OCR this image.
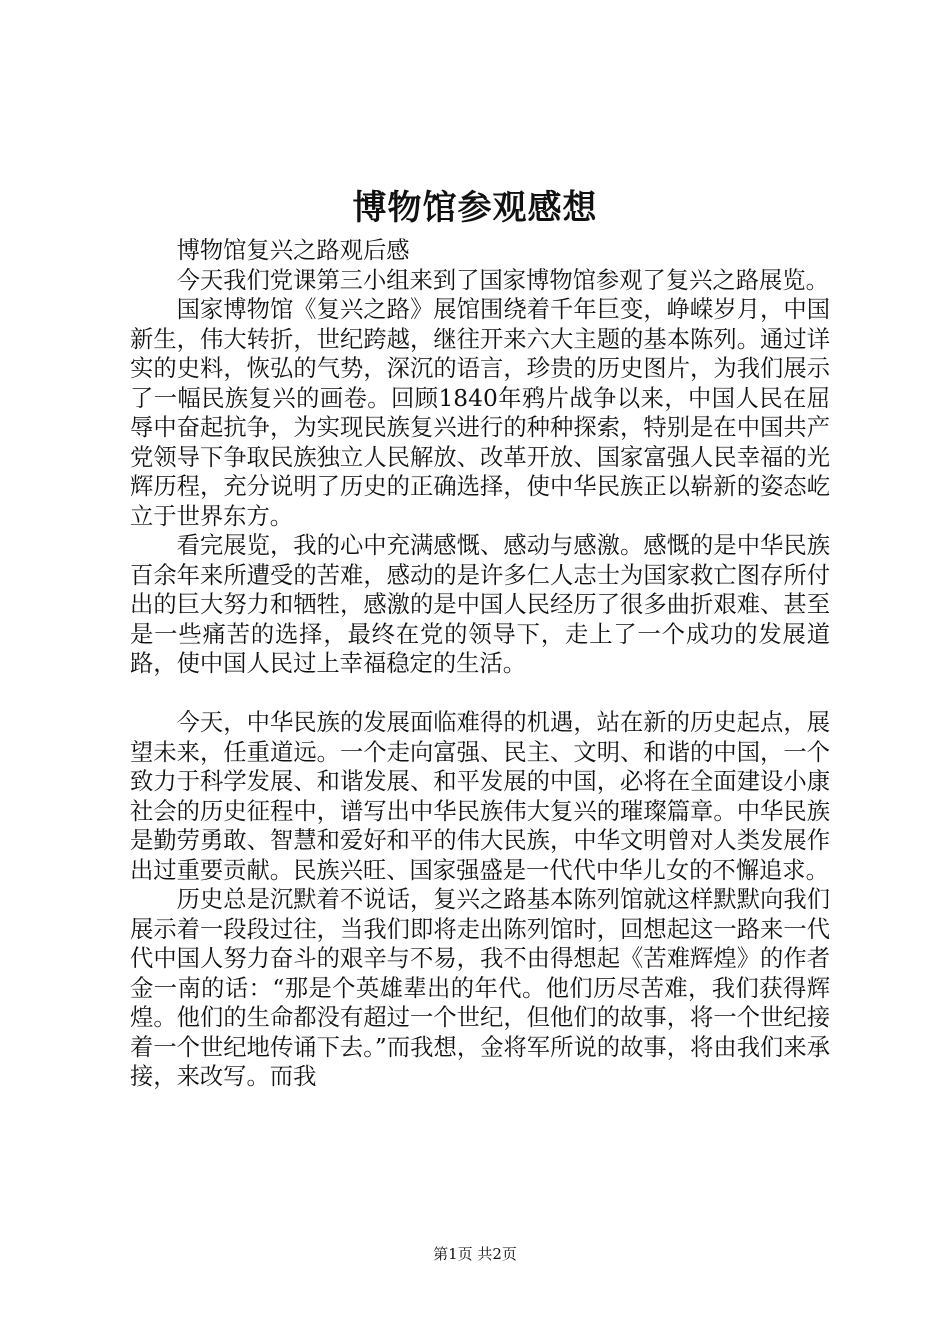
博物馆参观感想

博物馆复兴之路观后感

今天我们党课第三小组来到了国家博物馆参观了复兴之路展览。

国家博物馆《复兴之路》展馆围绕着千年巨变，峥嵘岁月，中国新生，伟大转折，世纪跨越，继往开来六大主题的基本陈列。通过详实的史料，恢弘的气势，深沉的语言，珍贵的历史图片，为我们展示了一幅民族复兴的画卷。回顾1840年鸦片战争以来，中国人民在屈辱中奋起抗争，为实现民族复兴进行的种种探索，特别是在中国共产党领导下争取民族独立人民解放、改革开放、国家富强人民幸福的光辉历程，充分说明了历史的正确选择，使中华民族正以崭新的姿态屹立于世界东方。

看完展览，我的心中充满感慨、感动与感激。感慨的是中华民族百余年来所遭受的苦难，感动的是许多仁人志士为国家救亡图存所付出的巨大努力和牺牲，感激的是中国人民经历了很多曲折艰难、甚至是一些痛苦的选择，最终在党的领导下，走上了一个成功的发展道路，使中国人民过上幸福稳定的生活。

今天，中华民族的发展面临难得的机遇，站在新的历史起点，展望未来，任重道远。一个走向富强、民主、文明、和谐的中国，一个致力于科学发展、和谐发展、和平发展的中国，必将在全面建设小康社会的历史征程中，谱写出中华民族伟大复兴的璀璨篇章。中华民族是勤劳勇敢、智慧和爱好和平的伟大民族，中华文明曾对人类发展作出过重要贡献。民族兴旺、国家强盛是一代代中华儿女的不懈追求。

历史总是沉默着不说话，复兴之路基本陈列馆就这样默默向我们展示着一段段过往，当我们即将走出陈列馆时，回想起这一路来一代代中国人努力奋斗的艰辛与不易，我不由得想起《苦难辉煌》的作者金一南的话：“那是个英雄辈出的年代。他们历尽苦难，我们获得辉煌。他们的生命都没有超过一个世纪，但他们的故事，将一个世纪接着一个世纪地传诵下去。”而我想，金将军所说的故事，将由我们来承接，来改写。而我

第1页 共2页
